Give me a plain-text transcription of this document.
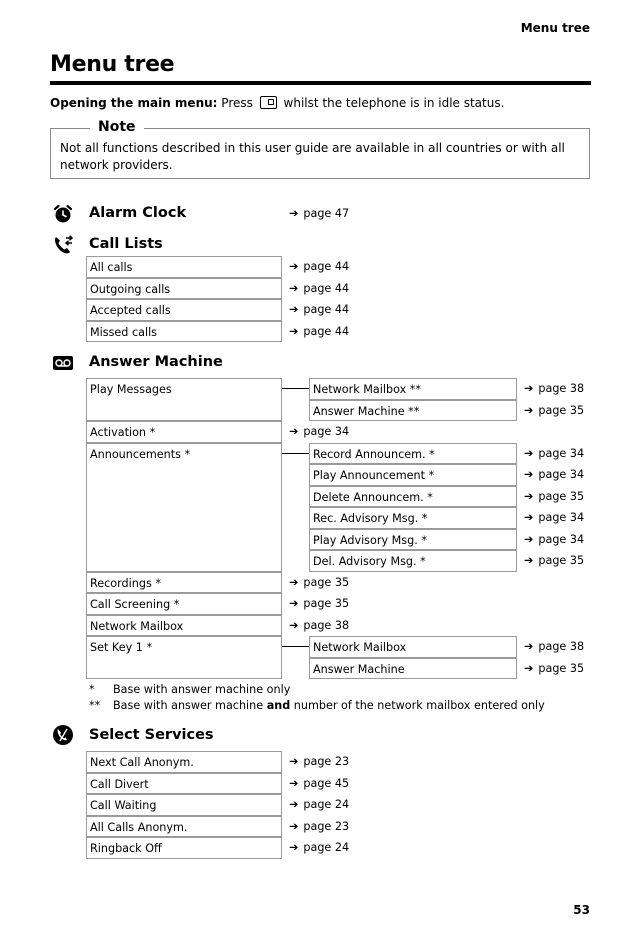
Menu tree
Menu tree
Opening the main menu: Press	whilst the telephone is in idle status.
Note
Not all functions described in this user guide are available in all countries or with all network providers.
Alarm Clock	➔ page 47
Call Lists
Answer Machine
* Base with answer machine only
** Base with answer machine and number of the network mailbox entered only
Select Services
53
All calls	➔ page 44
Outgoing calls	➔ page 44
Accepted calls	➔ page 44
Missed calls	➔ page 44
Play Messages	Network Mailbox **	➔ page 38
Answer Machine **	➔ page 35
Activation *	➔ page 34
Announcements *	Record Announcem. *	➔ page 34
Play Announcement *	➔ page 34
Delete Announcem. *	➔ page 35
Rec. Advisory Msg. *	➔ page 34
Play Advisory Msg. *	➔ page 34
Del. Advisory Msg. *	➔ page 35
Recordings *	➔ page 35
Call Screening *	➔ page 35
Network Mailbox	➔ page 38
Set Key 1 *	Network Mailbox	➔ page 38
Answer Machine	➔ page 35
Next Call Anonym.	➔ page 23
Call Divert	➔ page 45
Call Waiting	➔ page 24
All Calls Anonym.	➔ page 23
Ringback Off	➔ page 24
